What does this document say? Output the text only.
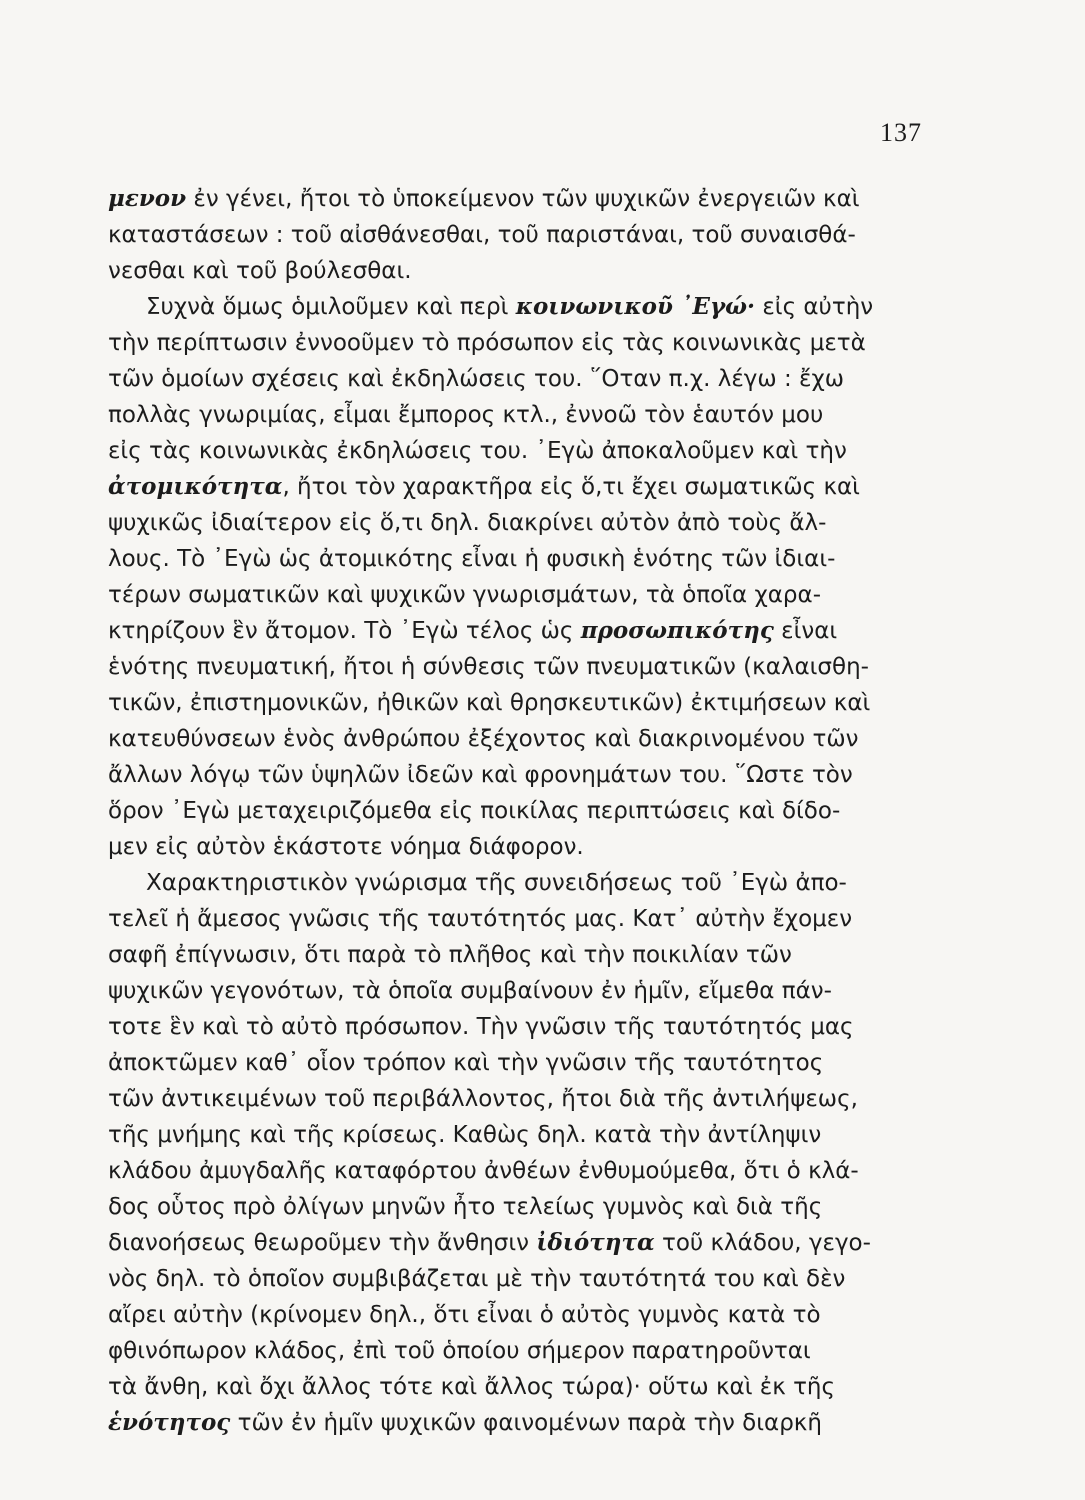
137
μενον ἐν γένει, ἤτοι τὸ ὑποκείμενον τῶν ψυχικῶν ἐνεργειῶν καὶ
καταστάσεων : τοῦ αἰσθάνεσθαι, τοῦ παριστάναι, τοῦ συναισθά-
νεσθαι καὶ τοῦ βούλεσθαι.
Συχνὰ ὅμως ὁμιλοῦμεν καὶ περὶ κοινωνικοῦ ᾿Εγώ· εἰς αὐτὴν
τὴν περίπτωσιν ἐννοοῦμεν τὸ πρόσωπον εἰς τὰς κοινωνικὰς μετὰ
τῶν ὁμοίων σχέσεις καὶ ἐκδηλώσεις του. ῞Οταν π.χ. λέγω : ἔχω
πολλὰς γνωριμίας, εἶμαι ἔμπορος κτλ., ἐννοῶ τὸν ἑαυτόν μου
εἰς τὰς κοινωνικὰς ἐκδηλώσεις του. ᾿Εγὼ ἀποκαλοῦμεν καὶ τὴν
ἀτομικότητα, ἤτοι τὸν χαρακτῆρα εἰς ὅ,τι ἔχει σωματικῶς καὶ
ψυχικῶς ἰδιαίτερον εἰς ὅ,τι δηλ. διακρίνει αὐτὸν ἀπὸ τοὺς ἄλ-
λους. Τὸ ᾿Εγὼ ὡς ἀτομικότης εἶναι ἡ φυσικὴ ἑνότης τῶν ἰδιαι-
τέρων σωματικῶν καὶ ψυχικῶν γνωρισμάτων, τὰ ὁποῖα χαρα-
κτηρίζουν ἓν ἄτομον. Τὸ ᾿Εγὼ τέλος ὡς προσωπικότης εἶναι
ἑνότης πνευματική, ἤτοι ἡ σύνθεσις τῶν πνευματικῶν (καλαισθη-
τικῶν, ἐπιστημονικῶν, ἠθικῶν καὶ θρησκευτικῶν) ἐκτιμήσεων καὶ
κατευθύνσεων ἑνὸς ἀνθρώπου ἐξέχοντος καὶ διακρινομένου τῶν
ἄλλων λόγῳ τῶν ὑψηλῶν ἰδεῶν καὶ φρονημάτων του. ῞Ωστε τὸν
ὅρον ᾿Εγὼ μεταχειριζόμεθα εἰς ποικίλας περιπτώσεις καὶ δίδο-
μεν εἰς αὐτὸν ἑκάστοτε νόημα διάφορον.
Χαρακτηριστικὸν γνώρισμα τῆς συνειδήσεως τοῦ ᾿Εγὼ ἀπο-
τελεῖ ἡ ἄμεσος γνῶσις τῆς ταυτότητός μας. Κατ᾿ αὐτὴν ἔχομεν
σαφῆ ἐπίγνωσιν, ὅτι παρὰ τὸ πλῆθος καὶ τὴν ποικιλίαν τῶν
ψυχικῶν γεγονότων, τὰ ὁποῖα συμβαίνουν ἐν ἡμῖν, εἴμεθα πάν-
τοτε ἓν καὶ τὸ αὐτὸ πρόσωπον. Τὴν γνῶσιν τῆς ταυτότητός μας
ἀποκτῶμεν καθ᾿ οἷον τρόπον καὶ τὴν γνῶσιν τῆς ταυτότητος
τῶν ἀντικειμένων τοῦ περιβάλλοντος, ἤτοι διὰ τῆς ἀντιλήψεως,
τῆς μνήμης καὶ τῆς κρίσεως. Καθὼς δηλ. κατὰ τὴν ἀντίληψιν
κλάδου ἀμυγδαλῆς καταφόρτου ἀνθέων ἐνθυμούμεθα, ὅτι ὁ κλά-
δος οὗτος πρὸ ὀλίγων μηνῶν ἦτο τελείως γυμνὸς καὶ διὰ τῆς
διανοήσεως θεωροῦμεν τὴν ἄνθησιν ἰδιότητα τοῦ κλάδου, γεγο-
νὸς δηλ. τὸ ὁποῖον συμβιβάζεται μὲ τὴν ταυτότητά του καὶ δὲν
αἴρει αὐτὴν (κρίνομεν δηλ., ὅτι εἶναι ὁ αὐτὸς γυμνὸς κατὰ τὸ
φθινόπωρον κλάδος, ἐπὶ τοῦ ὁποίου σήμερον παρατηροῦνται
τὰ ἄνθη, καὶ ὄχι ἄλλος τότε καὶ ἄλλος τώρα)· οὕτω καὶ ἐκ τῆς
ἑνότητος τῶν ἐν ἡμῖν ψυχικῶν φαινομένων παρὰ τὴν διαρκῆ
